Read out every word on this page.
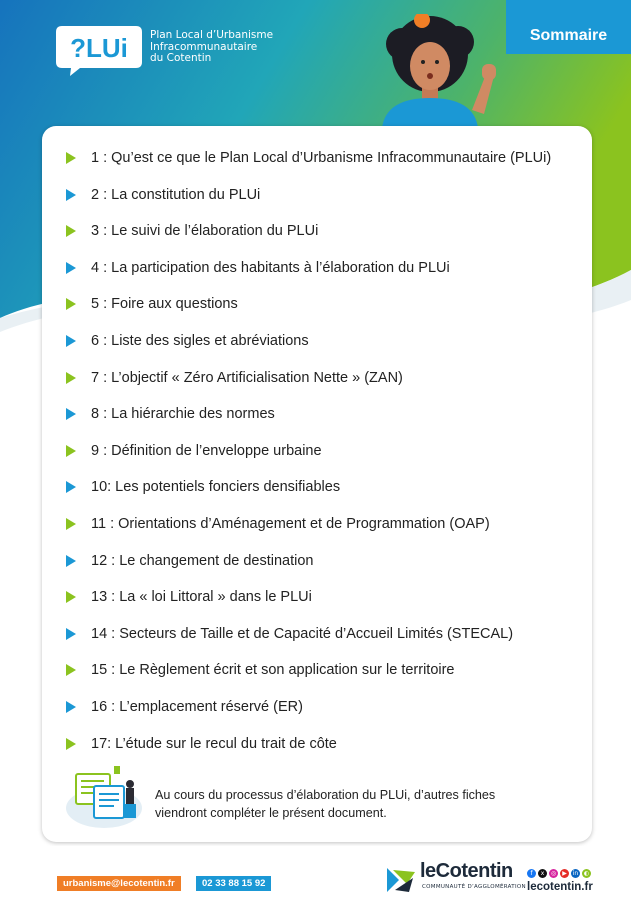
?LUi Plan Local d’Urbanisme
Infracommunautaire
du Cotentin
Sommaire
1 : Qu’est ce que le Plan Local d’Urbanisme Infracommunautaire (PLUi)
2 : La constitution du PLUi
3 : Le suivi de l’élaboration du PLUi
4 : La participation des habitants à l’élaboration du PLUi
5 : Foire aux questions
6 : Liste des sigles et abréviations
7 : L’objectif « Zéro Artificialisation Nette » (ZAN)
8 : La hiérarchie des normes
9 : Définition de l’enveloppe urbaine
10: Les potentiels fonciers densifiables
11 : Orientations d’Aménagement et de Programmation (OAP)
12 : Le changement de destination
13 : La « loi Littoral » dans le PLUi
14 : Secteurs de Taille et de Capacité d’Accueil Limités (STECAL)
15 : Le Règlement écrit et son application sur le territoire
16 : L’emplacement réservé (ER)
17: L’étude sur le recul du trait de côte
Au cours du processus d’élaboration du PLUi, d’autres fiches
viendront compléter le présent document.
urbanisme@lecotentin.fr	02 33 88 15 92
leCotentin
COMMUNAUTÉ D’AGGLOMÉRATION
f	x	◎	▶ in ◐
lecotentin.fr
